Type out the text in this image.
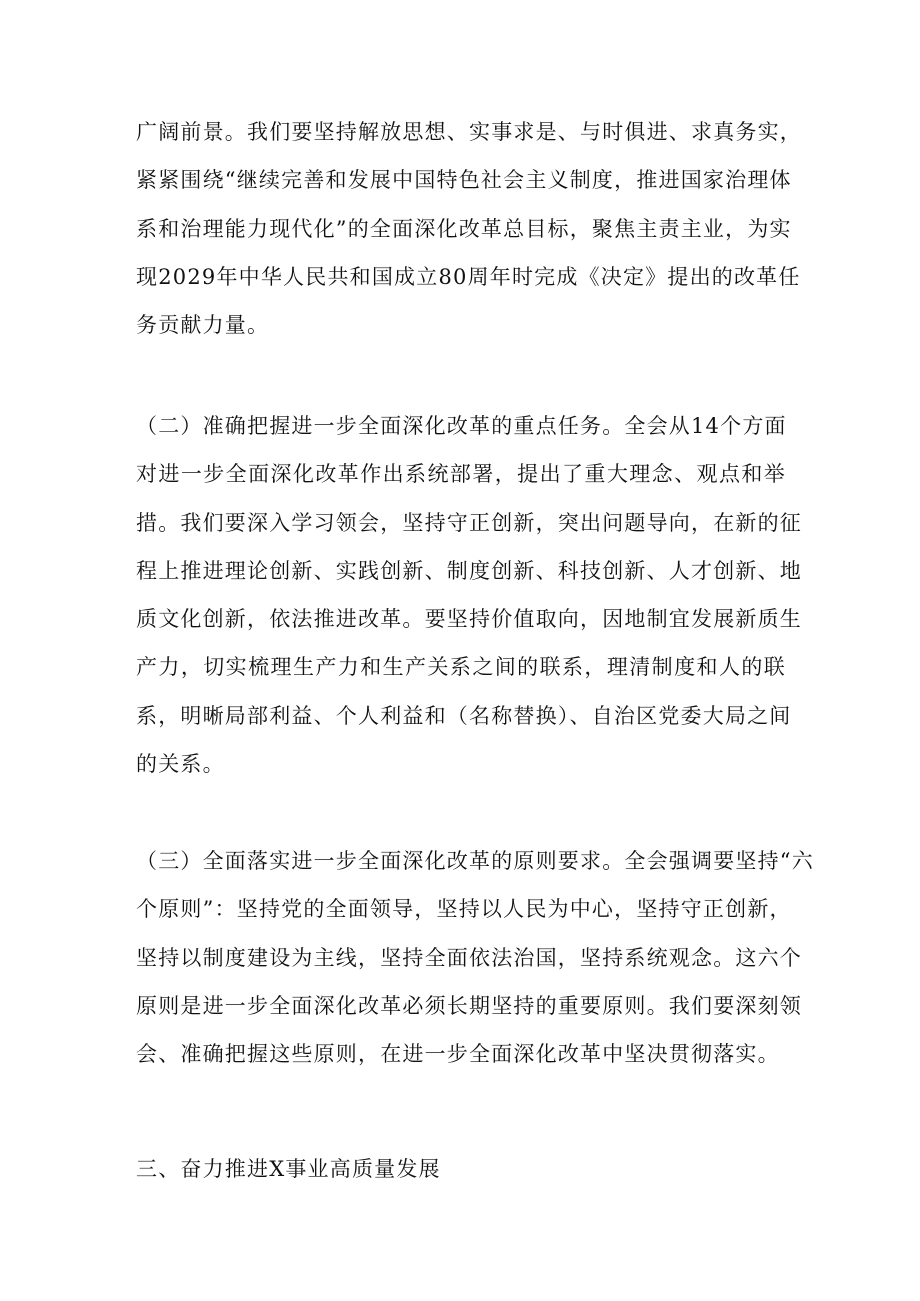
广阔前景。我们要坚持解放思想、实事求是、与时俱进、求真务实，
紧紧围绕“继续完善和发展中国特色社会主义制度，推进国家治理体
系和治理能力现代化”的全面深化改革总目标，聚焦主责主业，为实
现2029年中华人民共和国成立80周年时完成《决定》提出的改革任
务贡献力量。

（二）准确把握进一步全面深化改革的重点任务。全会从14个方面
对进一步全面深化改革作出系统部署，提出了重大理念、观点和举
措。我们要深入学习领会，坚持守正创新，突出问题导向，在新的征
程上推进理论创新、实践创新、制度创新、科技创新、人才创新、地
质文化创新，依法推进改革。要坚持价值取向，因地制宜发展新质生
产力，切实梳理生产力和生产关系之间的联系，理清制度和人的联
系，明晰局部利益、个人利益和（名称替换）、自治区党委大局之间
的关系。

（三）全面落实进一步全面深化改革的原则要求。全会强调要坚持“六
个原则”：坚持党的全面领导，坚持以人民为中心，坚持守正创新，
坚持以制度建设为主线，坚持全面依法治国，坚持系统观念。这六个
原则是进一步全面深化改革必须长期坚持的重要原则。我们要深刻领
会、准确把握这些原则，在进一步全面深化改革中坚决贯彻落实。

三、奋力推进X事业高质量发展
